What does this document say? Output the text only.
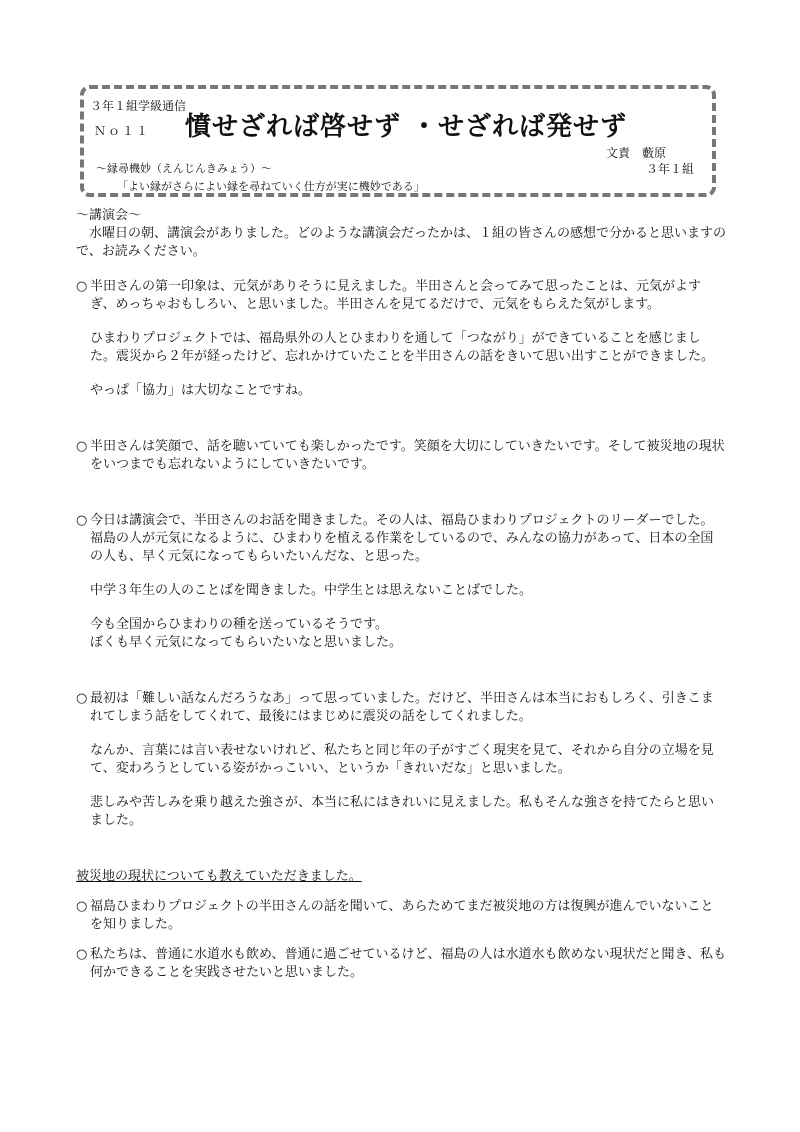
３年１組学級通信
Ｎｏ１１ 憤せざれば啓せず ・せざれば発せず
文責　藪原
～縁尋機妙（えんじんきみょう）～	３年１組
「よい縁がさらによい縁を尋ねていく仕方が実に機妙である」

～講演会～

水曜日の朝、講演会がありました。どのような講演会だったかは、１組の皆さんの感想で分かると思いますので、お読みください。

○ 半田さんの第一印象は、元気がありそうに見えました。半田さんと会ってみて思ったことは、元気がよすぎ、めっちゃおもしろい、と思いました。半田さんを見てるだけで、元気をもらえた気がします。

ひまわりプロジェクトでは、福島県外の人とひまわりを通して「つながり」ができていることを感じました。震災から２年が経ったけど、忘れかけていたことを半田さんの話をきいて思い出すことができました。

やっぱ「協力」は大切なことですね。

○ 半田さんは笑顔で、話を聴いていても楽しかったです。笑顔を大切にしていきたいです。そして被災地の現状をいつまでも忘れないようにしていきたいです。

○ 今日は講演会で、半田さんのお話を聞きました。その人は、福島ひまわりプロジェクトのリーダーでした。福島の人が元気になるように、ひまわりを植える作業をしているので、みんなの協力があって、日本の全国の人も、早く元気になってもらいたいんだな、と思った。

中学３年生の人のことばを聞きました。中学生とは思えないことばでした。

今も全国からひまわりの種を送っているそうです。
ぼくも早く元気になってもらいたいなと思いました。

○ 最初は「難しい話なんだろうなあ」って思っていました。だけど、半田さんは本当におもしろく、引きこまれてしまう話をしてくれて、最後にはまじめに震災の話をしてくれました。

なんか、言葉には言い表せないけれど、私たちと同じ年の子がすごく現実を見て、それから自分の立場を見て、変わろうとしている姿がかっこいい、というか「きれいだな」と思いました。

悲しみや苦しみを乗り越えた強さが、本当に私にはきれいに見えました。私もそんな強さを持てたらと思いました。

被災地の現状についても教えていただきました。

○ 福島ひまわりプロジェクトの半田さんの話を聞いて、あらためてまだ被災地の方は復興が進んでいないことを知りました。

○ 私たちは、普通に水道水も飲め、普通に過ごせているけど、福島の人は水道水も飲めない現状だと聞き、私も何かできることを実践させたいと思いました。
